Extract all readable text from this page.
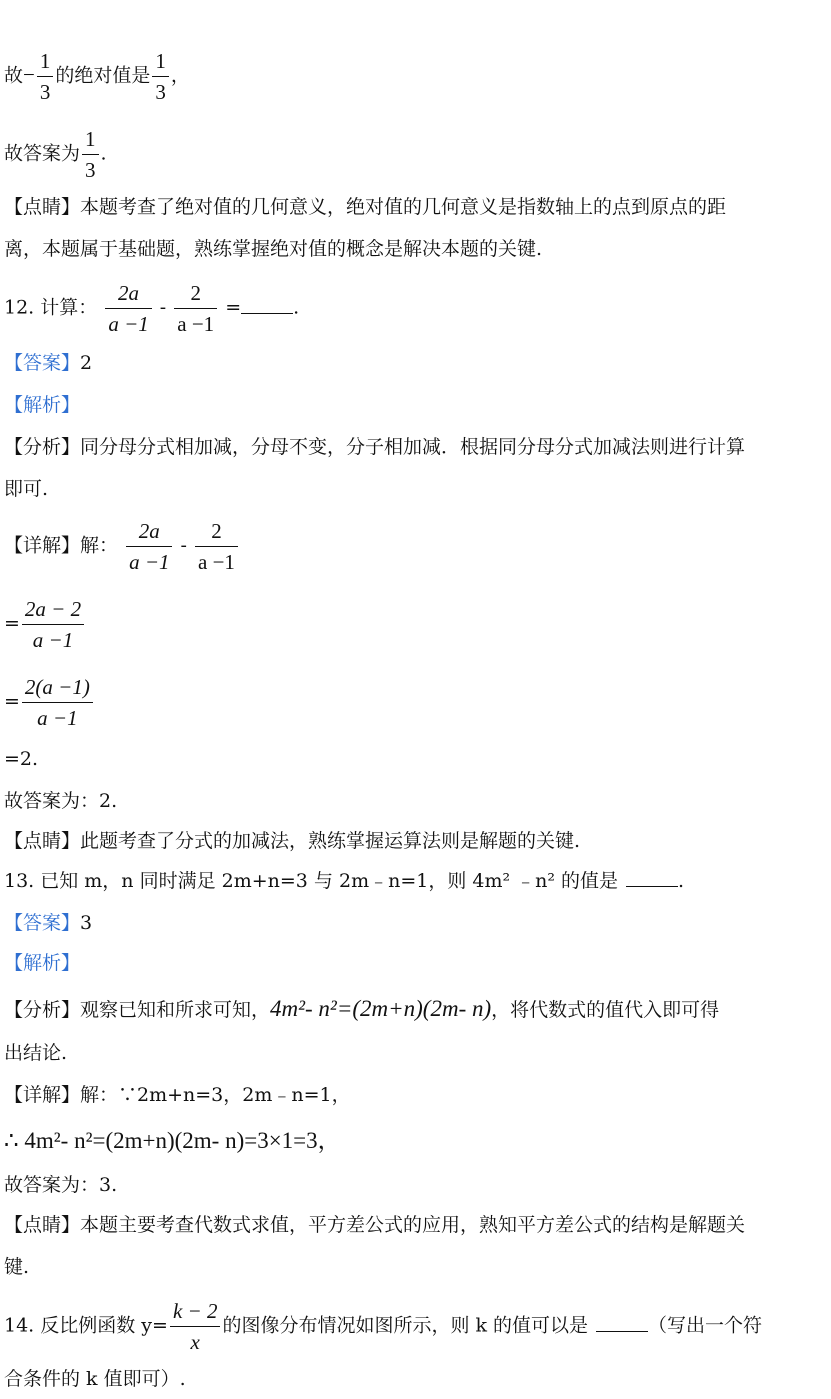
故− $\frac{1}{3}$ 的绝对值是 $\frac{1}{3}$ ，
故答案为 $\frac{1}{3}$ .
【点睛】本题考查了绝对值的几何意义，绝对值的几何意义是指数轴上的点到原点的距
离，本题属于基础题，熟练掌握绝对值的概念是解决本题的关键.
12. 计算： $\frac{2a}{a -1} - \frac{2}{a -1}$ =	.
【答案】2
【解析】
【分析】同分母分式相加减，分母不变，分子相加减．根据同分母分式加减法则进行计算
即可.
【详解】解： $\frac{2a}{a -1} - \frac{2}{a -1}$
= $\frac{2a - 2}{a -1}$
= $\frac{2(a -1)}{a -1}$
=2.
故答案为：2.
【点睛】此题考查了分式的加减法，熟练掌握运算法则是解题的关键.
13. 已知 m，n 同时满足 2m+n=3 与 2m﹣n=1，则 4m² ﹣n² 的值是	.
【答案】3
【解析】
【分析】观察已知和所求可知，4m²- n²=(2m+n)(2m- n)，将代数式的值代入即可得
出结论.
【详解】解：∵2m+n=3，2m﹣n=1，
∴ 4m²- n²=(2m+n)(2m- n)=3×1=3，
故答案为：3.
【点睛】本题主要考查代数式求值，平方差公式的应用，熟知平方差公式的结构是解题关
键.
14. 反比例函数 $y= \frac{k - 2}{x}$ 的图像分布情况如图所示，则 k 的值可以是	（写出一个符
合条件的 k 值即可）.
